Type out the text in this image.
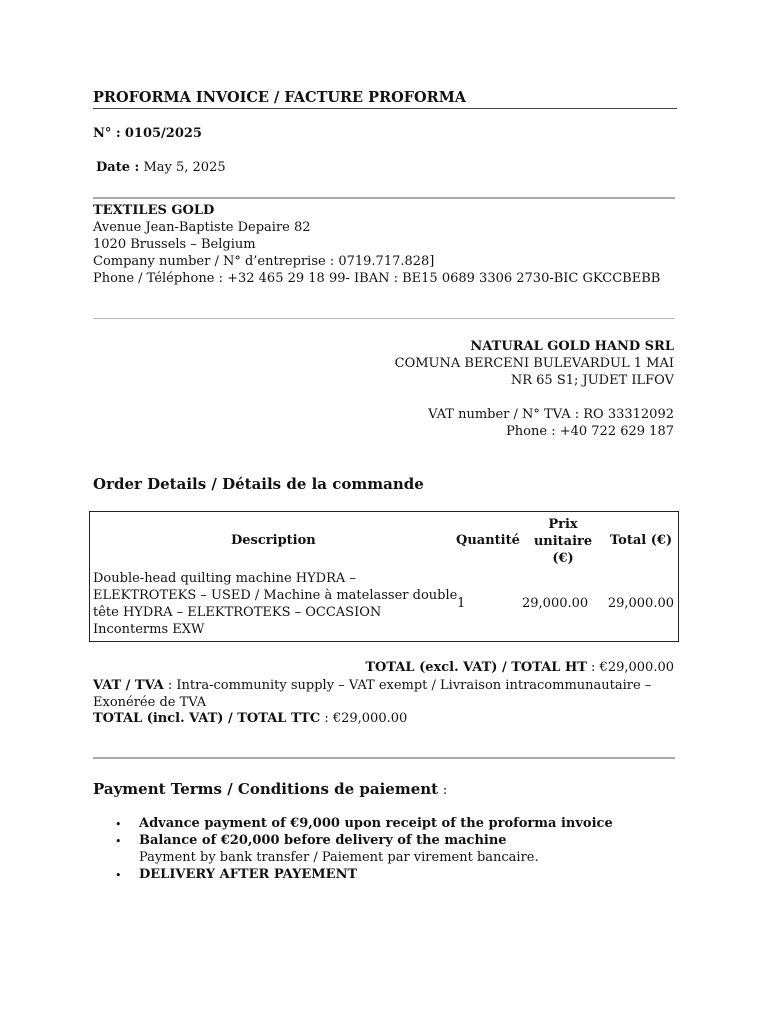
PROFORMA INVOICE / FACTURE PROFORMA
N° : 0105/2025
Date : May 5, 2025
TEXTILES GOLD
Avenue Jean-Baptiste Depaire 82
1020 Brussels – Belgium
Company number / N° d’entreprise : 0719.717.828]
Phone / Téléphone : +32 465 29 18 99- IBAN : BE15 0689 3306 2730-BIC GKCCBEBB
NATURAL GOLD HAND SRL
COMUNA BERCENI BULEVARDUL 1 MAI
NR 65 S1; JUDET ILFOV
VAT number / N° TVA : RO 33312092
Phone : +40 722 629 187
Order Details / Détails de la commande
Description	Quantité
Prix
unitaire
(€)
Total (€)
Double-head quilting machine HYDRA –
ELEKTROTEKS – USED / Machine à matelasser double
tête HYDRA – ELEKTROTEKS – OCCASION
Inconterms EXW
1	29,000.00 29,000.00
TOTAL (excl. VAT) / TOTAL HT : €29,000.00
VAT / TVA : Intra-community supply – VAT exempt / Livraison intracommunautaire –
Exonérée de TVA
TOTAL (incl. VAT) / TOTAL TTC : €29,000.00
Payment Terms / Conditions de paiement :
• Advance payment of €9,000 upon receipt of the proforma invoice
• Balance of €20,000 before delivery of the machine
Payment by bank transfer / Paiement par virement bancaire.
• DELIVERY AFTER PAYEMENT
